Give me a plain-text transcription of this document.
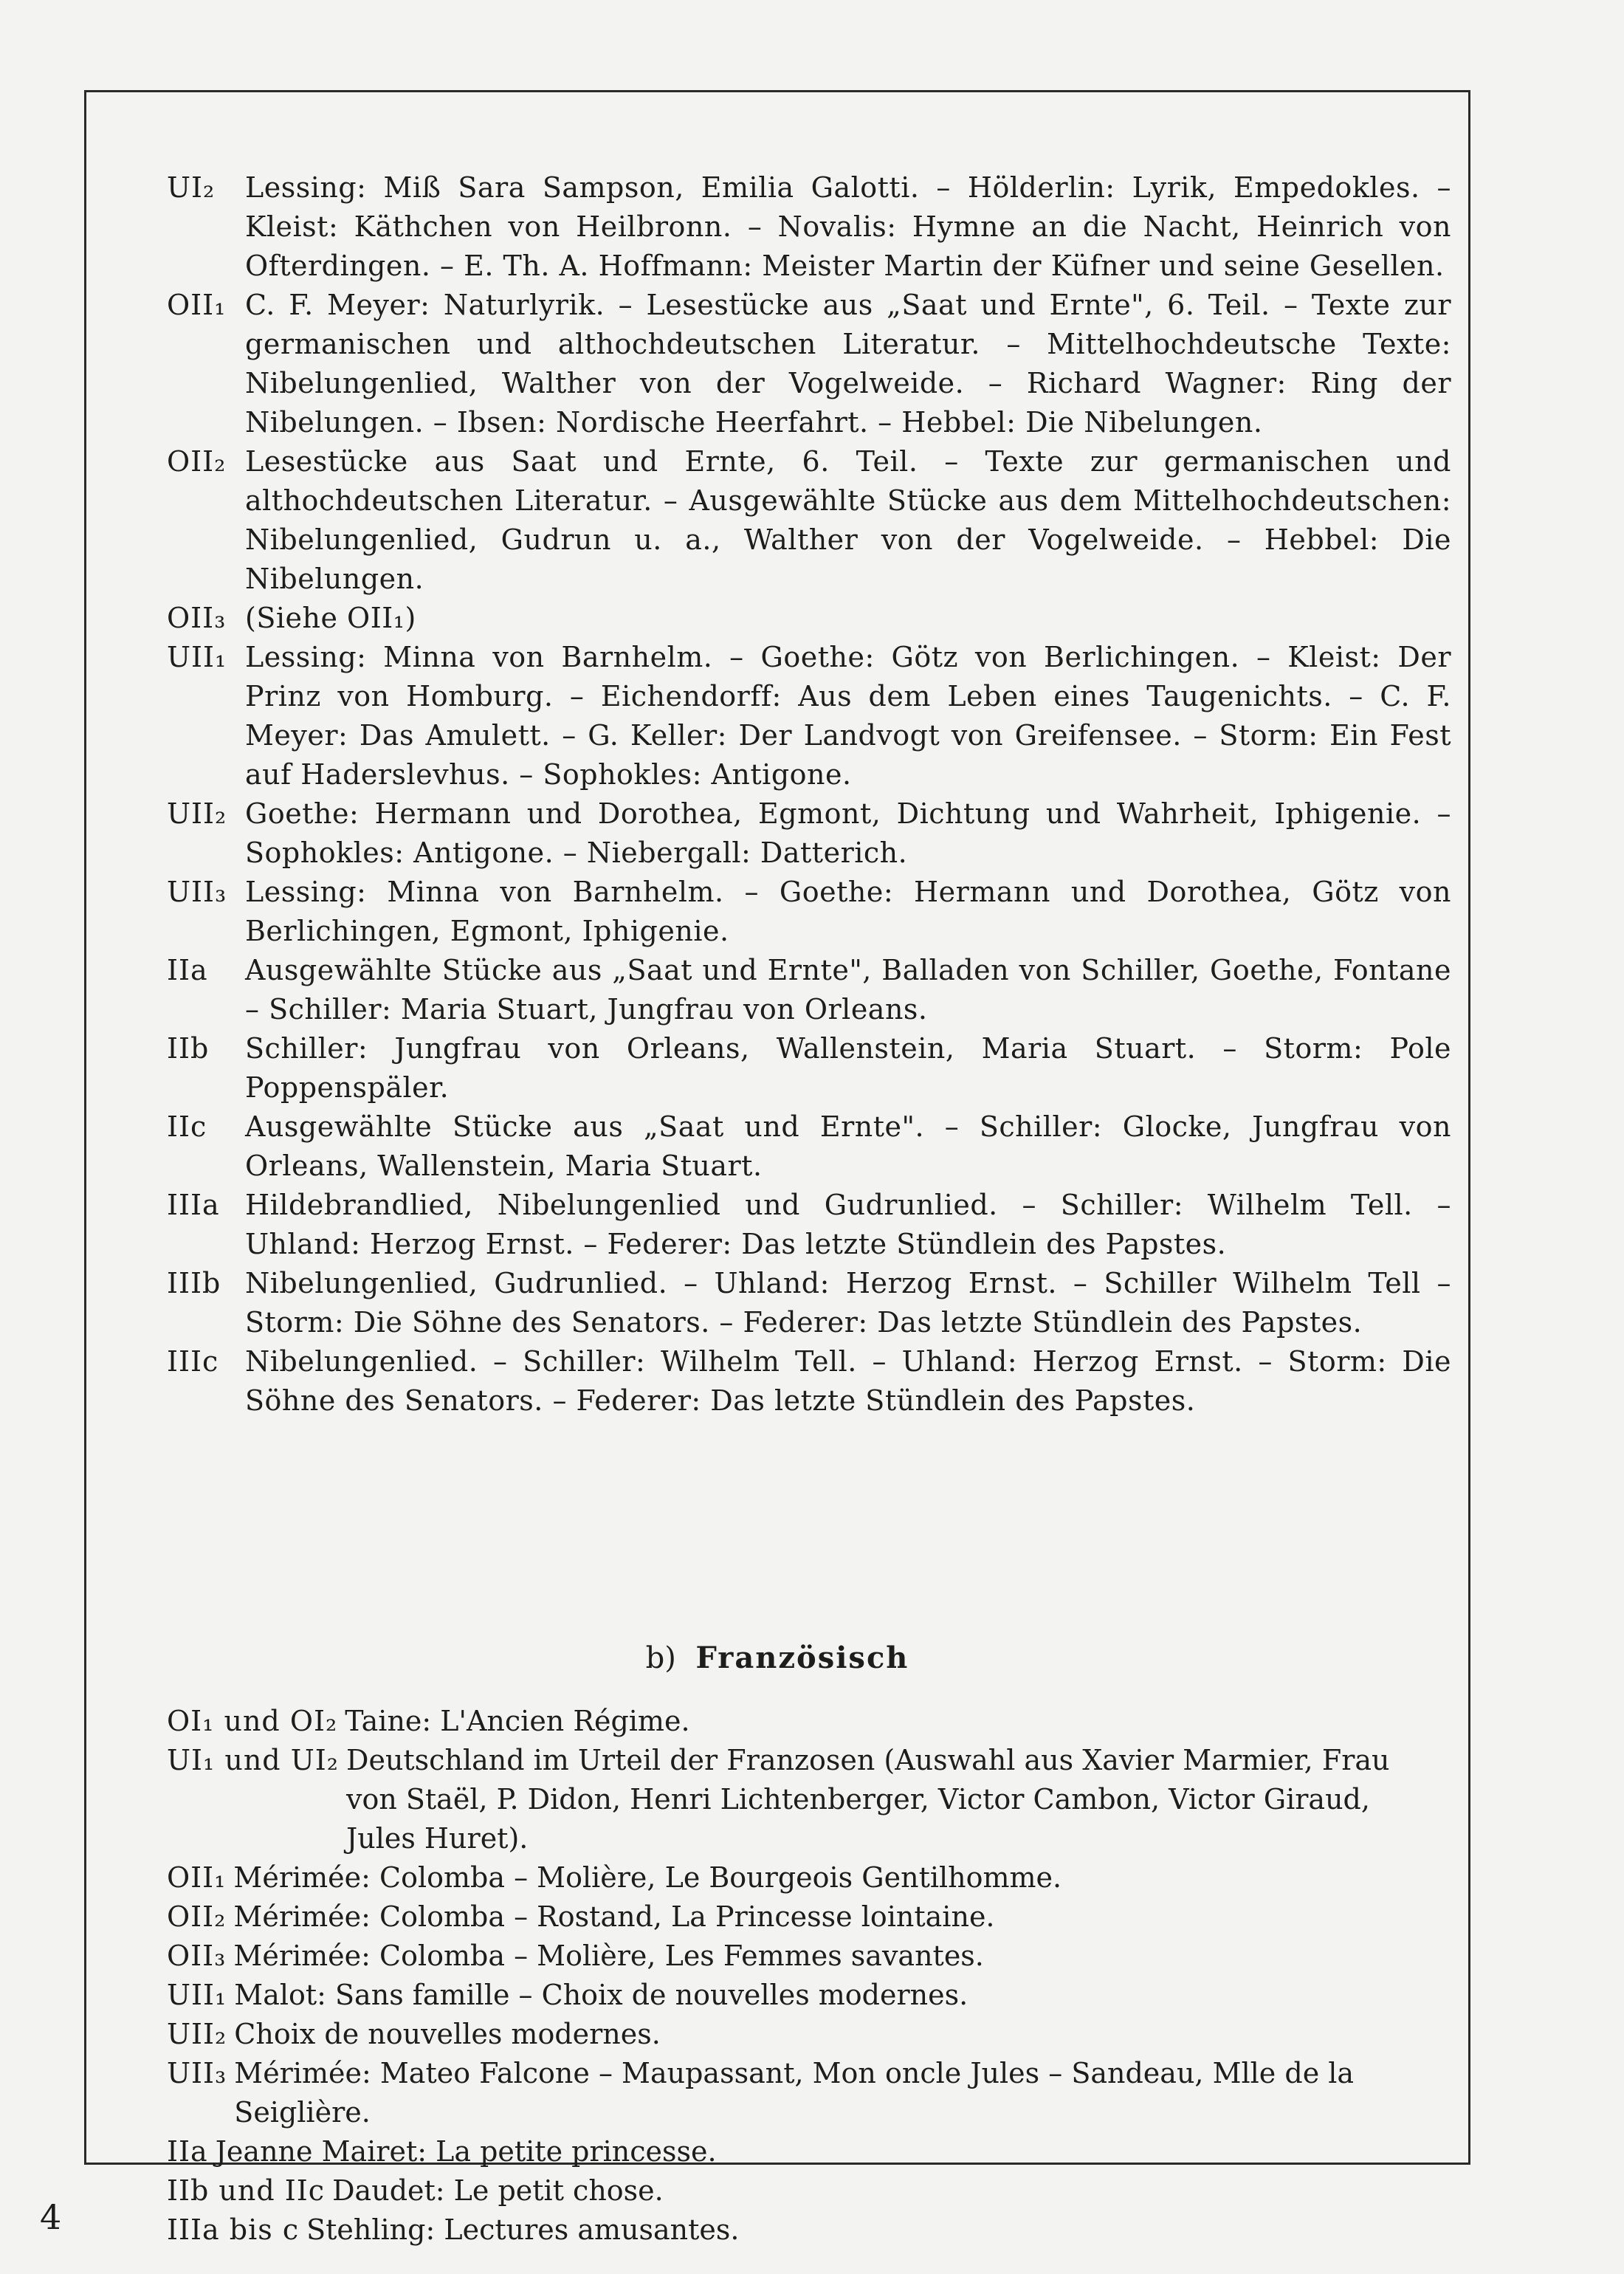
UI₂	Lessing: Miß Sara Sampson, Emilia Galotti. – Hölderlin: Lyrik, Empedokles. – Kleist: Käthchen von Heilbronn. – Novalis: Hymne an die Nacht, Heinrich von Ofterdingen. – E. Th. A. Hoffmann: Meister Martin der Küfner und seine Gesellen.
OII₁ C. F. Meyer: Naturlyrik. – Lesestücke aus „Saat und Ernte", 6. Teil. – Texte zur germanischen und althochdeutschen Literatur. – Mittelhochdeutsche Texte: Nibelungenlied, Walther von der Vogelweide. – Richard Wagner: Ring der Nibelungen. – Ibsen: Nordische Heerfahrt. – Hebbel: Die Nibelungen.
OII₂ Lesestücke aus Saat und Ernte, 6. Teil. – Texte zur germanischen und althochdeutschen Literatur. – Ausgewählte Stücke aus dem Mittelhochdeutschen: Nibelungenlied, Gudrun u. a., Walther von der Vogelweide. – Hebbel: Die Nibelungen.
OII₃ (Siehe OII₁)
UII₁ Lessing: Minna von Barnhelm. – Goethe: Götz von Berlichingen. – Kleist: Der Prinz von Homburg. – Eichendorff: Aus dem Leben eines Taugenichts. – C. F. Meyer: Das Amulett. – G. Keller: Der Landvogt von Greifensee. – Storm: Ein Fest auf Haderslevhus. – Sophokles: Antigone.
UII₂ Goethe: Hermann und Dorothea, Egmont, Dichtung und Wahrheit, Iphigenie. – Sophokles: Antigone. – Niebergall: Datterich.
UII₃ Lessing: Minna von Barnhelm. – Goethe: Hermann und Dorothea, Götz von Berlichingen, Egmont, Iphigenie.
IIa	Ausgewählte Stücke aus „Saat und Ernte", Balladen von Schiller, Goethe, Fontane – Schiller: Maria Stuart, Jungfrau von Orleans.
IIb	Schiller: Jungfrau von Orleans, Wallenstein, Maria Stuart. – Storm: Pole Poppenspäler.
IIc	Ausgewählte Stücke aus „Saat und Ernte". – Schiller: Glocke, Jungfrau von Orleans, Wallenstein, Maria Stuart.
IIIa Hildebrandlied, Nibelungenlied und Gudrunlied. – Schiller: Wilhelm Tell. – Uhland: Herzog Ernst. – Federer: Das letzte Stündlein des Papstes.
IIIb Nibelungenlied, Gudrunlied. – Uhland: Herzog Ernst. – Schiller Wilhelm Tell – Storm: Die Söhne des Senators. – Federer: Das letzte Stündlein des Papstes.
IIIc Nibelungenlied. – Schiller: Wilhelm Tell. – Uhland: Herzog Ernst. – Storm: Die Söhne des Senators. – Federer: Das letzte Stündlein des Papstes.
b) Französisch
OI₁ und OI₂ Taine: L'Ancien Régime.
UI₁ und UI₂ Deutschland im Urteil der Franzosen (Auswahl aus Xavier Marmier, Frau von Staël, P. Didon, Henri Lichtenberger, Victor Cambon, Victor Giraud, Jules Huret).
OII₁ Mérimée: Colomba – Molière, Le Bourgeois Gentilhomme.
OII₂ Mérimée: Colomba – Rostand, La Princesse lointaine.
OII₃ Mérimée: Colomba – Molière, Les Femmes savantes.
UII₁ Malot: Sans famille – Choix de nouvelles modernes.
UII₂ Choix de nouvelles modernes.
UII₃ Mérimée: Mateo Falcone – Maupassant, Mon oncle Jules – Sandeau, Mlle de la Seiglière.
IIa Jeanne Mairet: La petite princesse.
IIb und IIc Daudet: Le petit chose.
IIIa bis c Stehling: Lectures amusantes.
4
